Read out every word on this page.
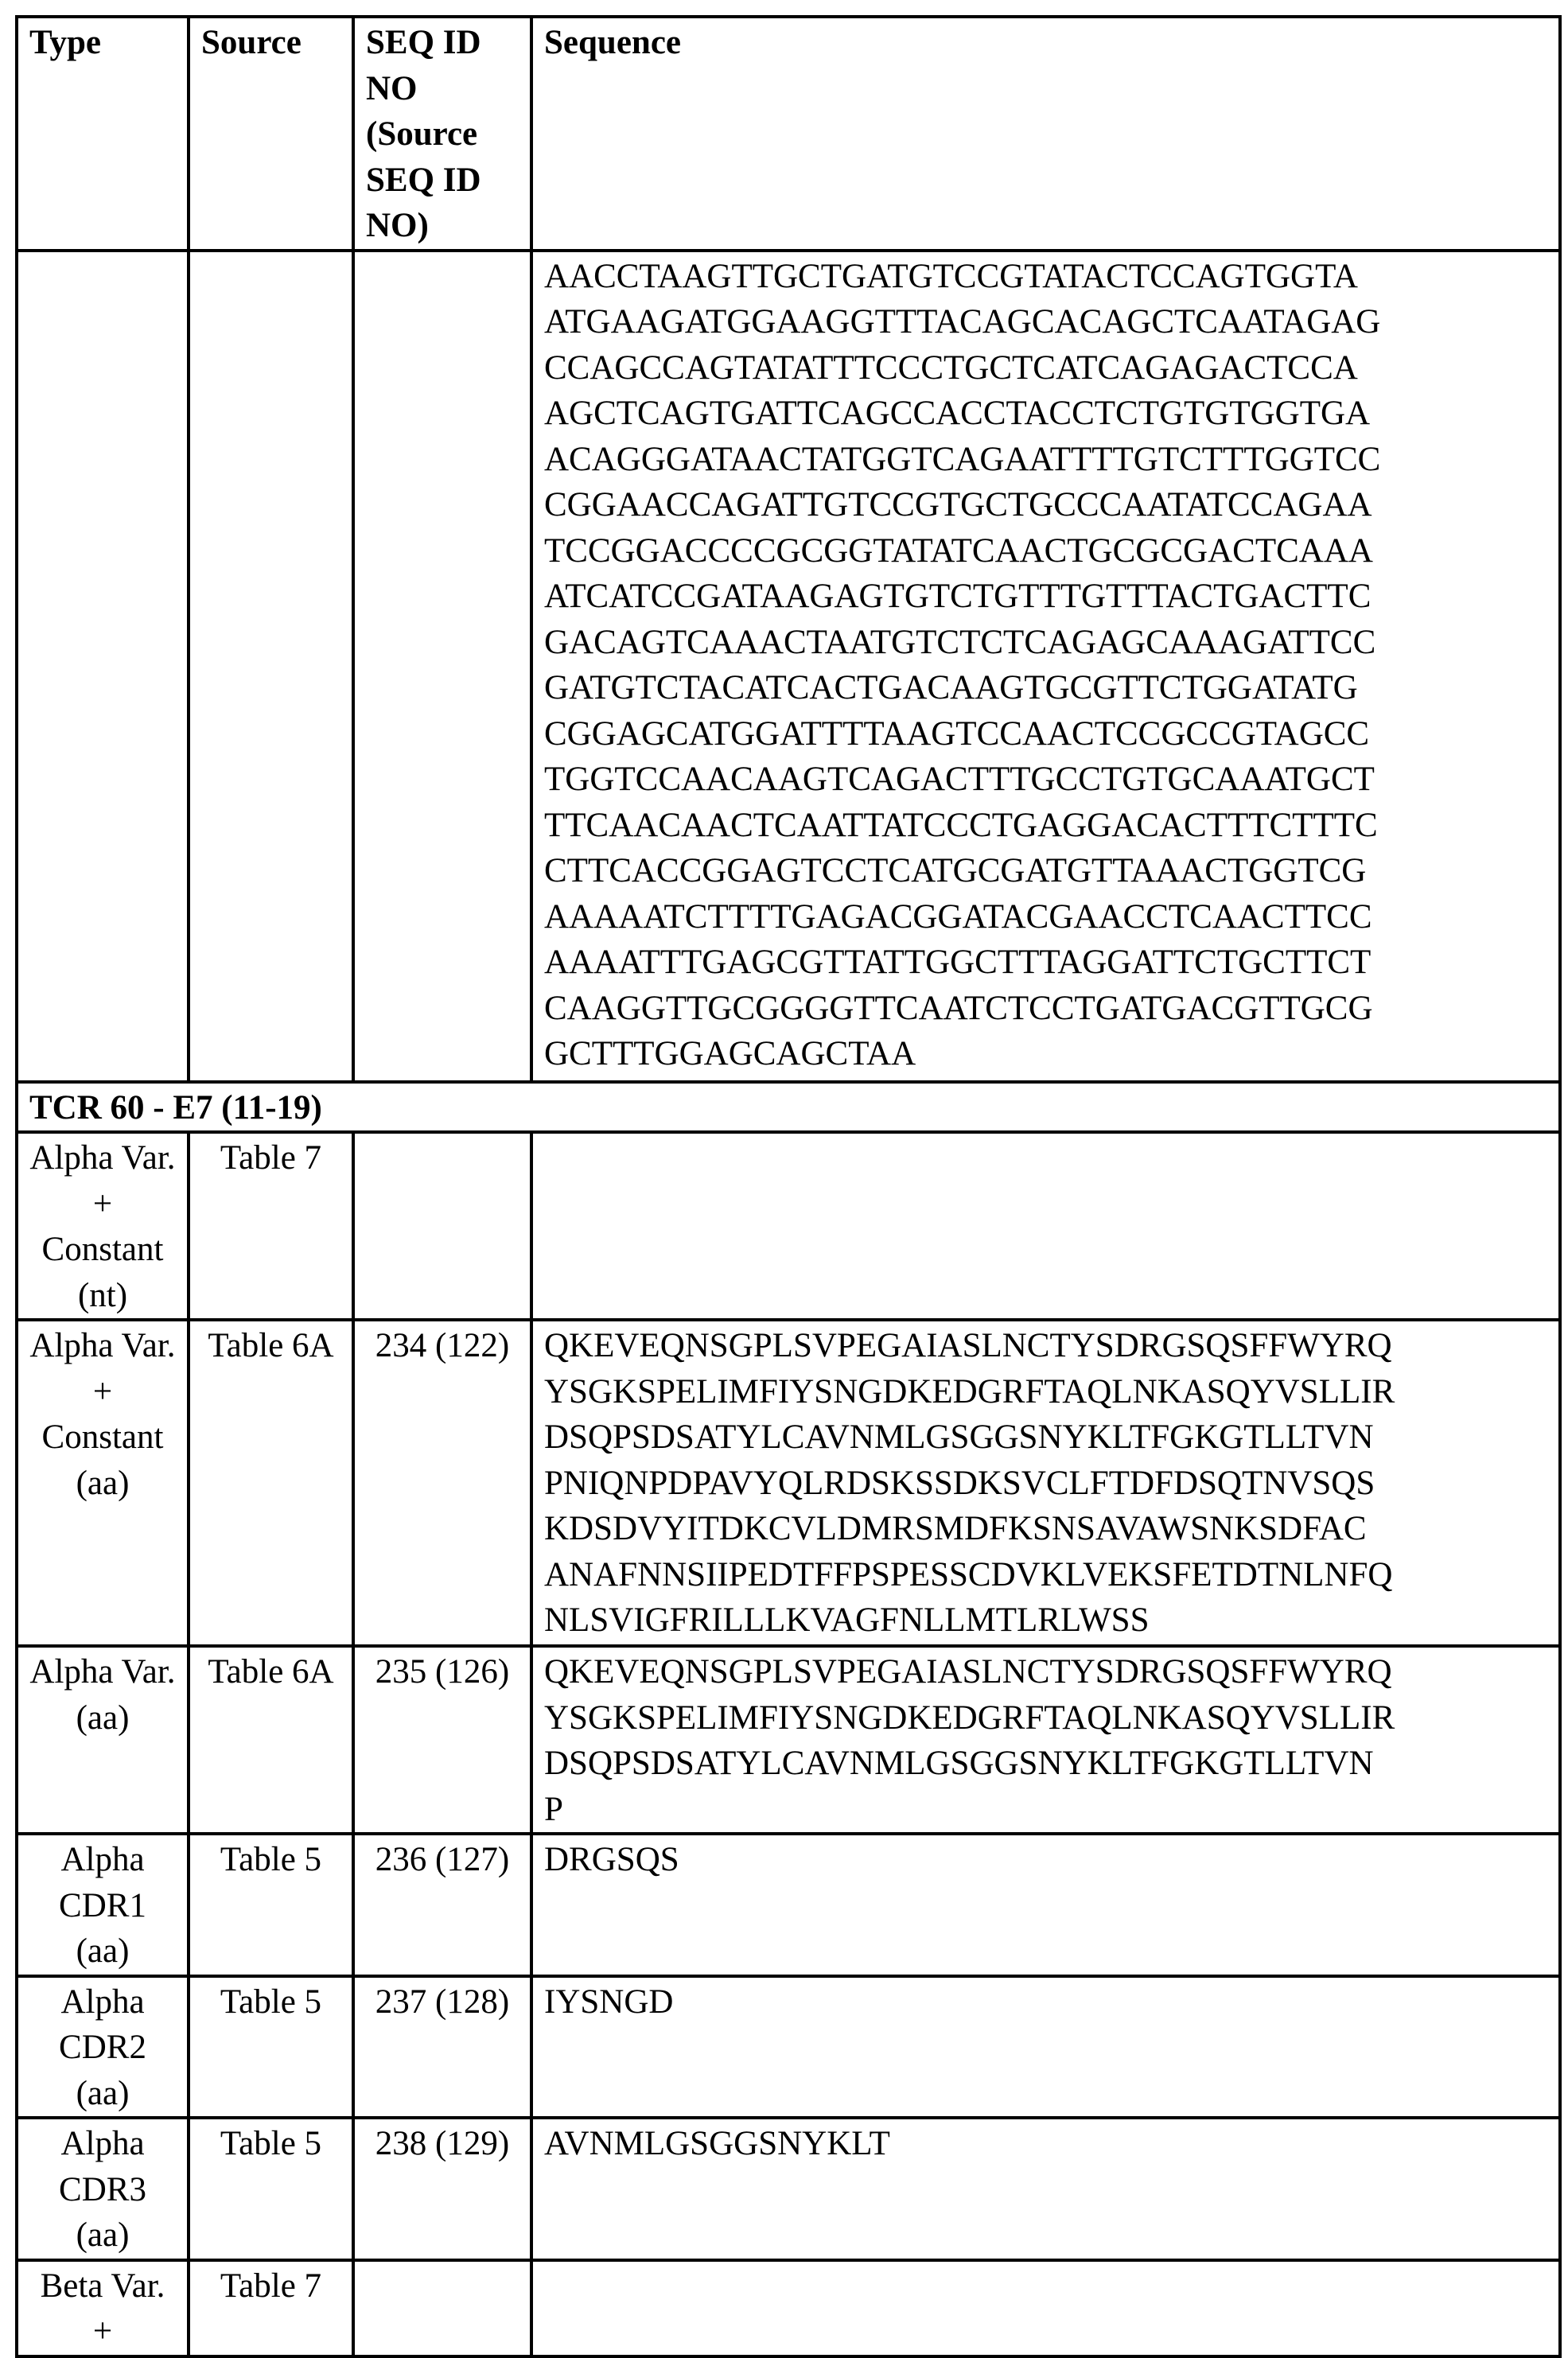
Type	Source	SEQ ID NO (Source SEQ ID NO)	Sequence
			AACCTAAGTTGCTGATGTCCGTATACTCCAGTGGTA
ATGAAGATGGAAGGTTTACAGCACAGCTCAATAGAG
CCAGCCAGTATATTTCCCTGCTCATCAGAGACTCCA
AGCTCAGTGATTCAGCCACCTACCTCTGTGTGGTGA
ACAGGGATAACTATGGTCAGAATTTTGTCTTTGGTCC
CGGAACCAGATTGTCCGTGCTGCCCAATATCCAGAA
TCCGGACCCCGCGGTATATCAACTGCGCGACTCAAA
ATCATCCGATAAGAGTGTCTGTTTGTTTACTGACTTC
GACAGTCAAACTAATGTCTCTCAGAGCAAAGATTCC
GATGTCTACATCACTGACAAGTGCGTTCTGGATATG
CGGAGCATGGATTTTAAGTCCAACTCCGCCGTAGCC
TGGTCCAACAAGTCAGACTTTGCCTGTGCAAATGCT
TTCAACAACTCAATTATCCCTGAGGACACTTTCTTTC
CTTCACCGGAGTCCTCATGCGATGTTAAACTGGTCG
AAAAATCTTTTGAGACGGATACGAACCTCAACTTCC
AAAATTTGAGCGTTATTGGCTTTAGGATTCTGCTTCT
CAAGGTTGCGGGGTTCAATCTCCTGATGACGTTGCG
GCTTTGGAGCAGCTAA
TCR 60 - E7 (11-19)
Alpha Var. + Constant (nt)	Table 7		
Alpha Var. + Constant (aa)	Table 6A	234 (122)	QKEVEQNSGPLSVPEGAIASLNCTYSDRGSQSFFWYRQ
YSGKSPELIMFIYSNGDKEDGRFTAQLNKASQYVSLLIR
DSQPSDSATYLCAVNMLGSGGSNYKLTFGKGTLLTVN
PNIQNPDPAVYQLRDSKSSDKSVCLFTDFDSQTNVSQS
KDSDVYITDKCVLDMRSMDFKSNSAVAWSNKSDFAC
ANAFNNSIIPEDTFFPSPESSCDVKLVEKSFETDTNLNFQ
NLSVIGFRILLLKVAGFNLLMTLRLWSS
Alpha Var. (aa)	Table 6A	235 (126)	QKEVEQNSGPLSVPEGAIASLNCTYSDRGSQSFFWYRQ
YSGKSPELIMFIYSNGDKEDGRFTAQLNKASQYVSLLIR
DSQPSDSATYLCAVNMLGSGGSNYKLTFGKGTLLTVN
P
Alpha CDR1 (aa)	Table 5	236 (127)	DRGSQS
Alpha CDR2 (aa)	Table 5	237 (128)	IYSNGD
Alpha CDR3 (aa)	Table 5	238 (129)	AVNMLGSGGSNYKLT
Beta Var. +	Table 7		
